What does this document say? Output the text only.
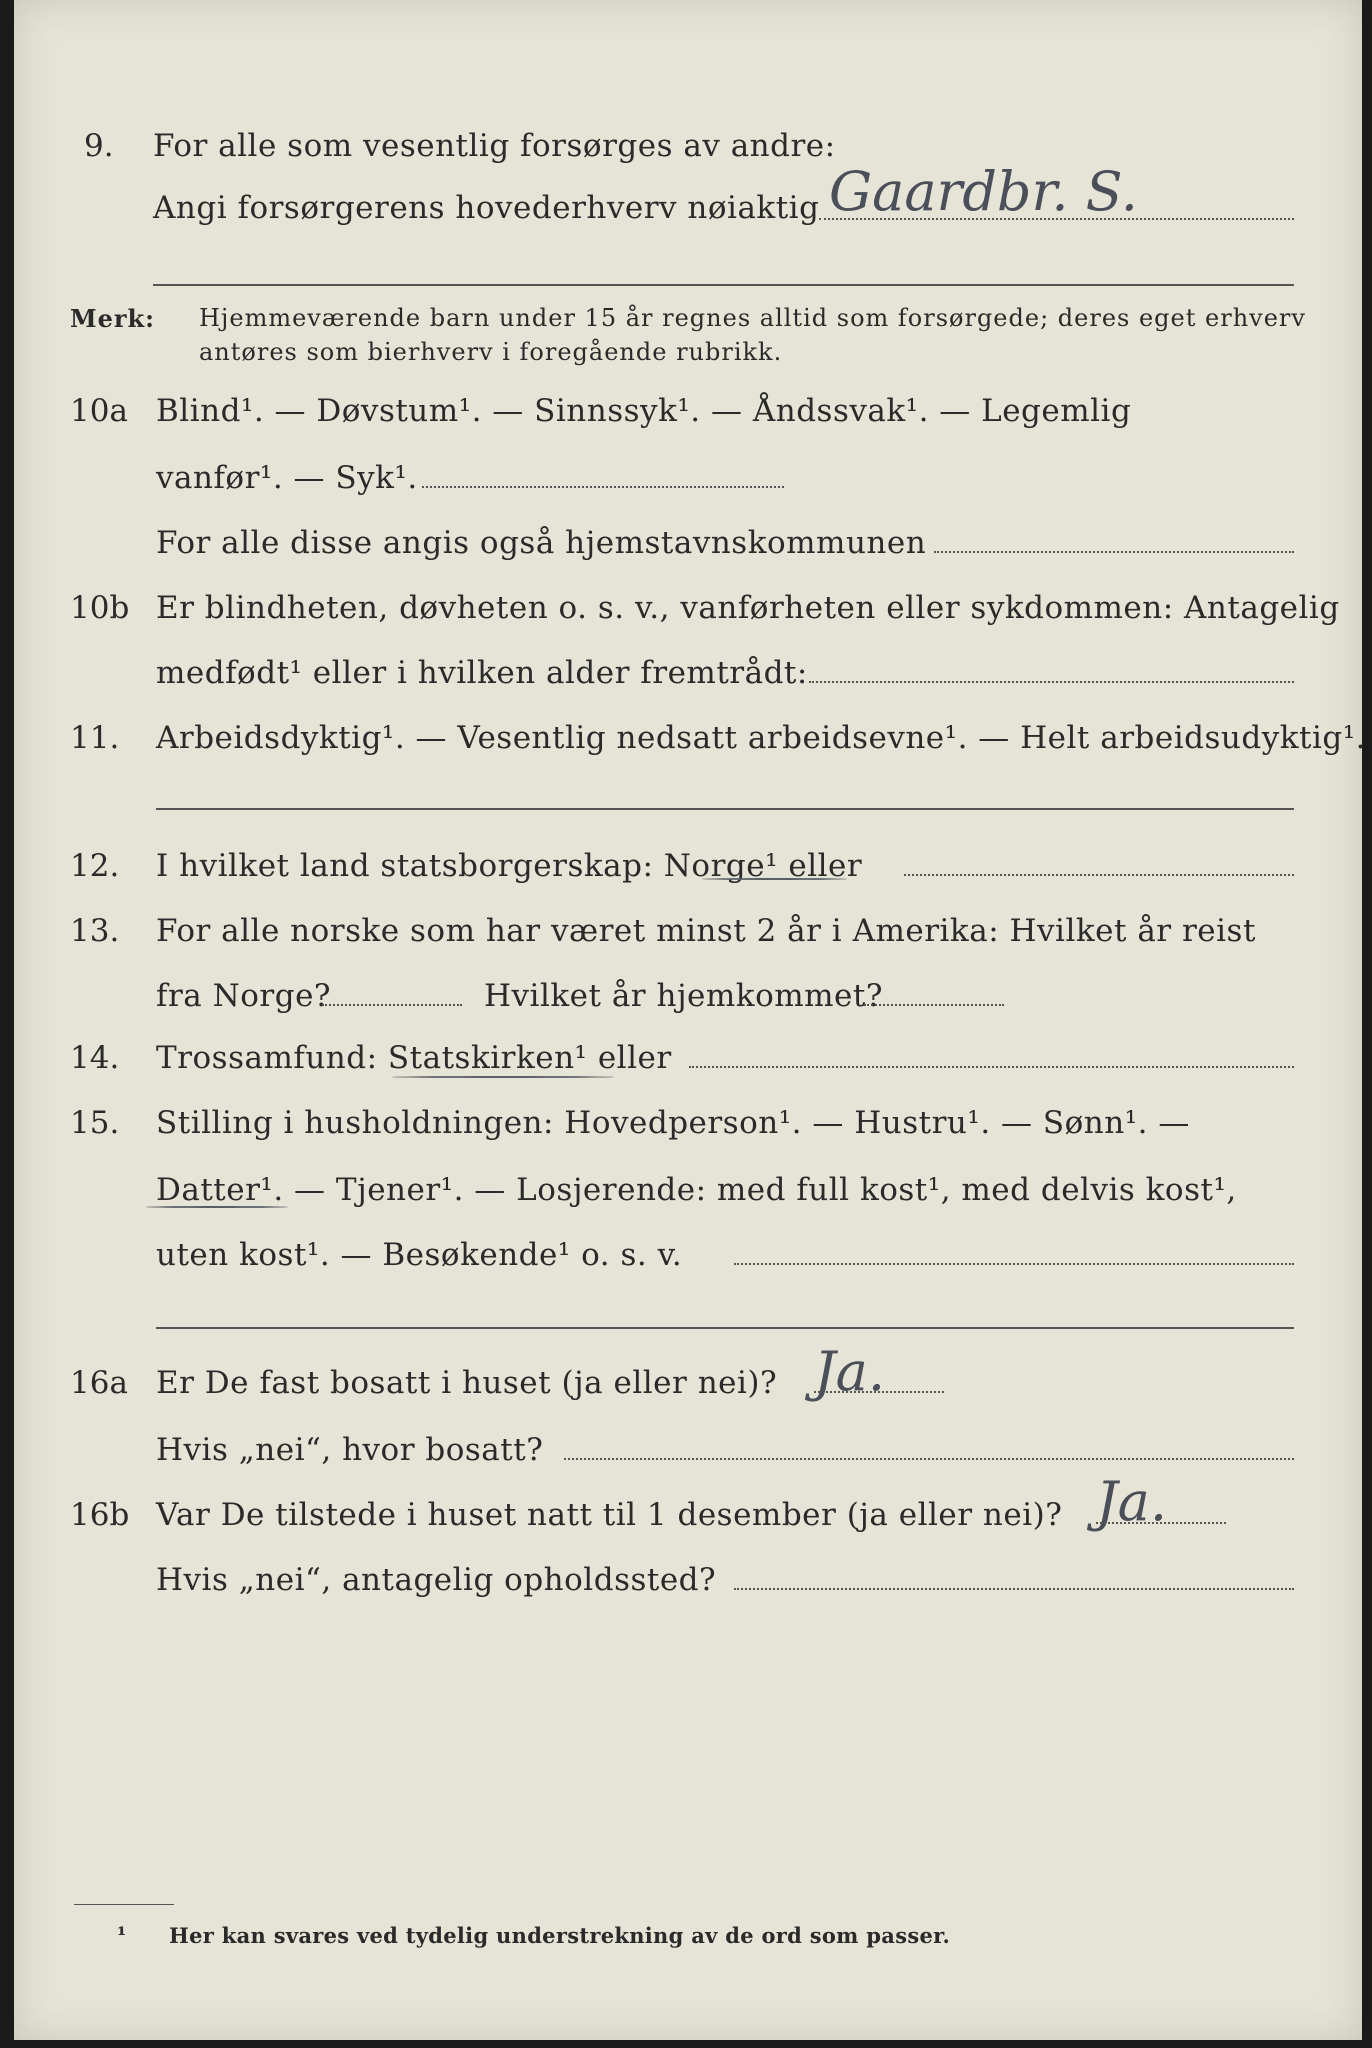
9. For alle som vesentlig forsørges av andre:
Angi forsørgerens hovederhverv nøiaktig Gaardbr. S.
Merk: Hjemmeværende barn under 15 år regnes alltid som forsørgede; deres eget erhverv
antøres som bierhverv i foregående rubrikk.
10a Blind¹. — Døvstum¹. — Sinnssyk¹. — Åndssvak¹. — Legemlig
vanfør¹. — Syk¹.
For alle disse angis også hjemstavnskommunen
10b Er blindheten, døvheten o. s. v., vanførheten eller sykdommen: Antagelig
medfødt¹ eller i hvilken alder fremtrådt:
11. Arbeidsdyktig¹. — Vesentlig nedsatt arbeidsevne¹. — Helt arbeidsudyktig¹.
12. I hvilket land statsborgerskap: Norge¹ eller
13. For alle norske som har været minst 2 år i Amerika: Hvilket år reist
fra Norge?	Hvilket år hjemkommet?
14. Trossamfund: Statskirken¹ eller
15. Stilling i husholdningen: Hovedperson¹. — Hustru¹. — Sønn¹. —
Datter¹. — Tjener¹. — Losjerende: med full kost¹, med delvis kost¹,
uten kost¹. — Besøkende¹ o. s. v.
16a Er De fast bosatt i huset (ja eller nei)? Ja.
Hvis „nei“, hvor bosatt?
16b Var De tilstede i huset natt til 1 desember (ja eller nei)? Ja.
Hvis „nei“, antagelig opholdssted?
¹ Her kan svares ved tydelig understrekning av de ord som passer.
